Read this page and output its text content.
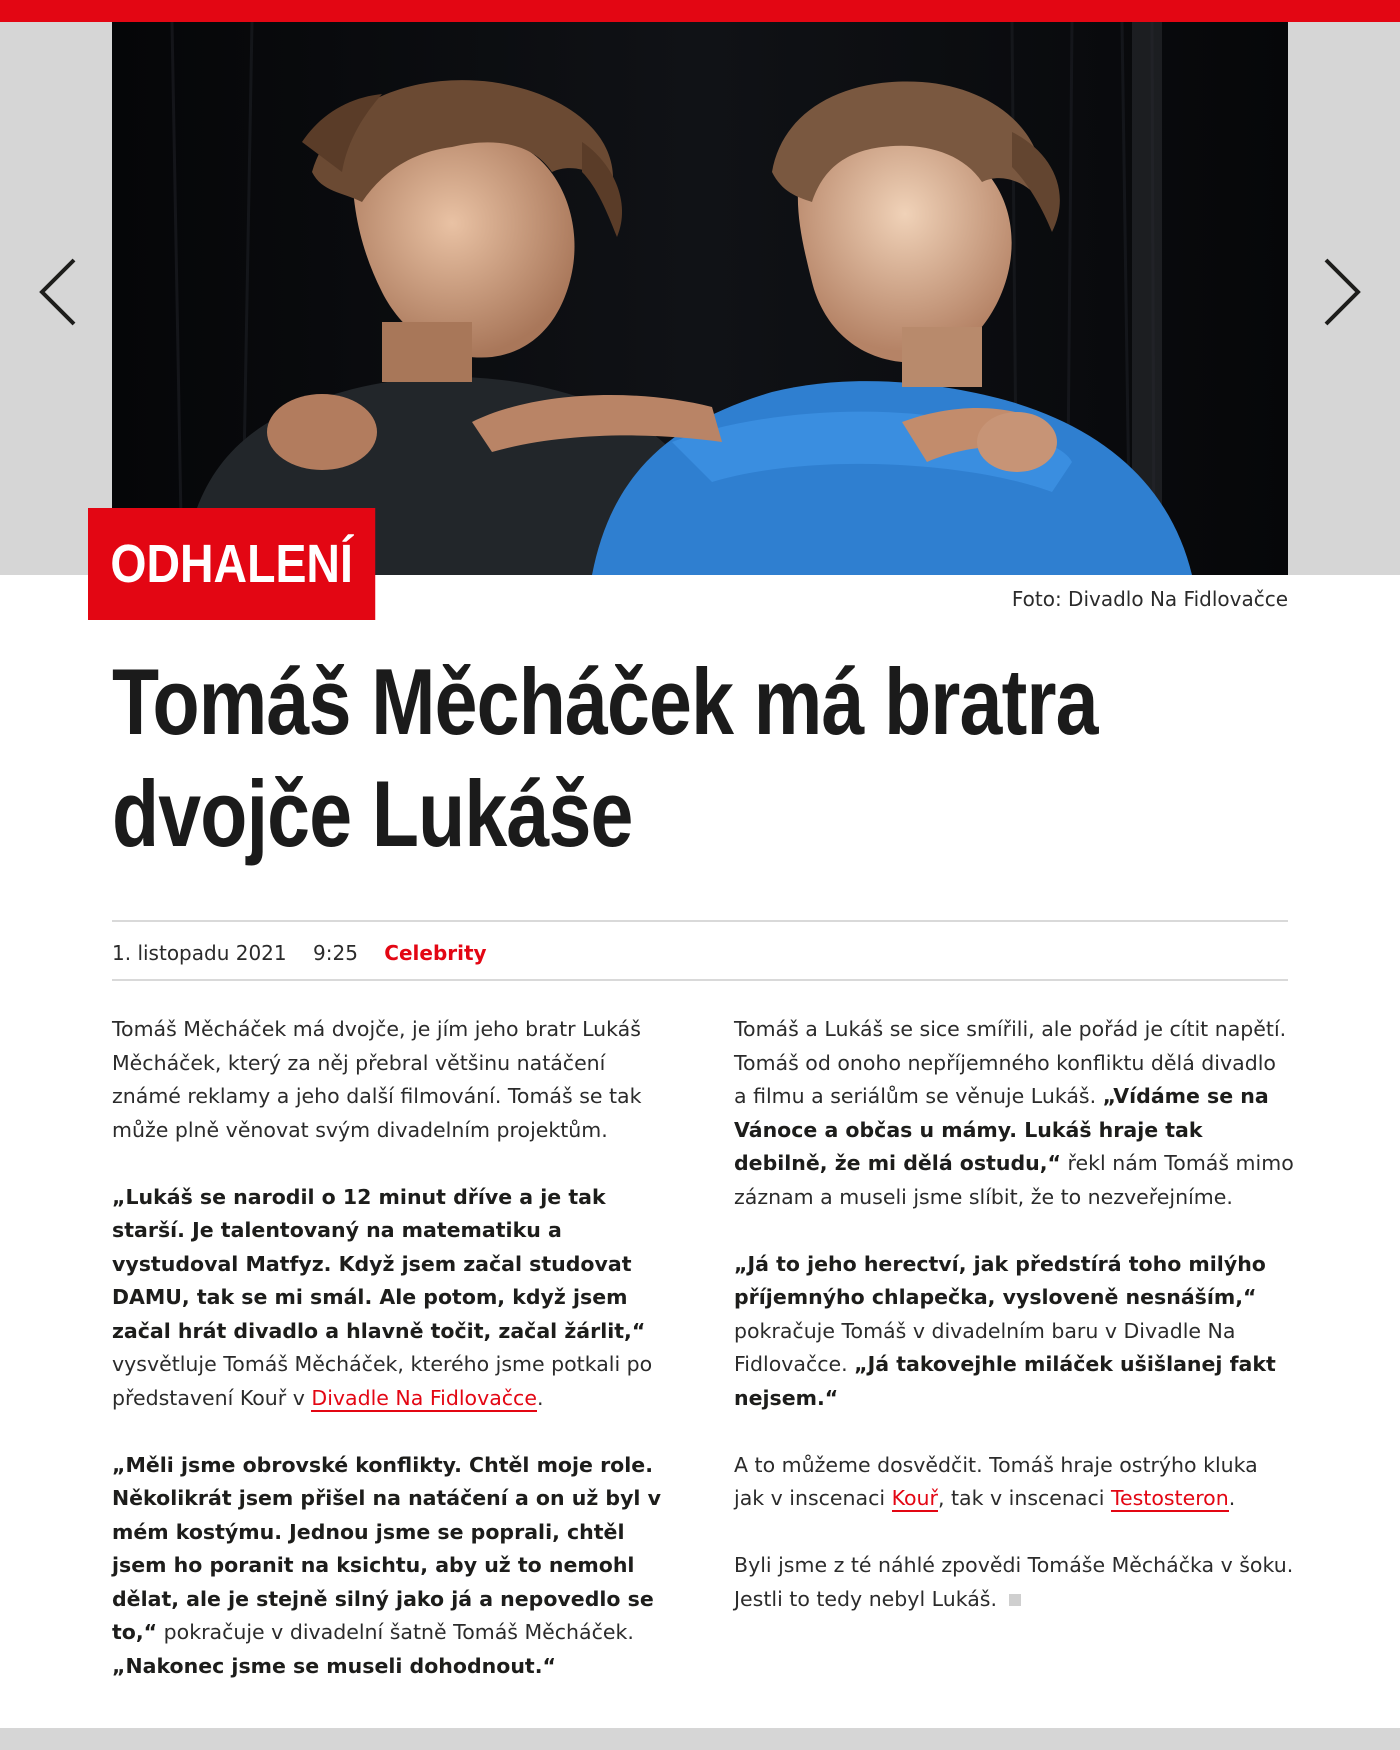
ODHALENÍ
Foto: Divadlo Na Fidlovačce
Tomáš Měcháček má bratra
dvojče Lukáše
1. listopadu 2021 9:25 Celebrity

Tomáš Měcháček má dvojče, je jím jeho bratr Lukáš Měcháček, který za něj přebral většinu natáčení známé reklamy a jeho další filmování. Tomáš se tak může plně věnovat svým divadelním projektům.

„Lukáš se narodil o 12 minut dříve a je tak starší. Je talentovaný na matematiku a vystudoval Matfyz. Když jsem začal studovat DAMU, tak se mi smál. Ale potom, když jsem začal hrát divadlo a hlavně točit, začal žárlit,“ vysvětluje Tomáš Měcháček, kterého jsme potkali po představení Kouř v Divadle Na Fidlovačce.

„Měli jsme obrovské konflikty. Chtěl moje role. Několikrát jsem přišel na natáčení a on už byl v mém kostýmu. Jednou jsme se poprali, chtěl jsem ho poranit na ksichtu, aby už to nemohl dělat, ale je stejně silný jako já a nepovedlo se to,“ pokračuje v divadelní šatně Tomáš Měcháček. „Nakonec jsme se museli dohodnout.“

Tomáš a Lukáš se sice smířili, ale pořád je cítit napětí. Tomáš od onoho nepříjemného konfliktu dělá divadlo a filmu a seriálům se věnuje Lukáš. „Vídáme se na Vánoce a občas u mámy. Lukáš hraje tak debilně, že mi dělá ostudu,“ řekl nám Tomáš mimo záznam a museli jsme slíbit, že to nezveřejníme.

„Já to jeho herectví, jak předstírá toho milýho příjemnýho chlapečka, vysloveně nesnáším,“ pokračuje Tomáš v divadelním baru v Divadle Na Fidlovačce. „Já takovejhle miláček ušišlanej fakt nejsem.“

A to můžeme dosvědčit. Tomáš hraje ostrýho kluka jak v inscenaci Kouř, tak v inscenaci Testosteron.

Byli jsme z té náhlé zpovědi Tomáše Měcháčka v šoku. Jestli to tedy nebyl Lukáš.
